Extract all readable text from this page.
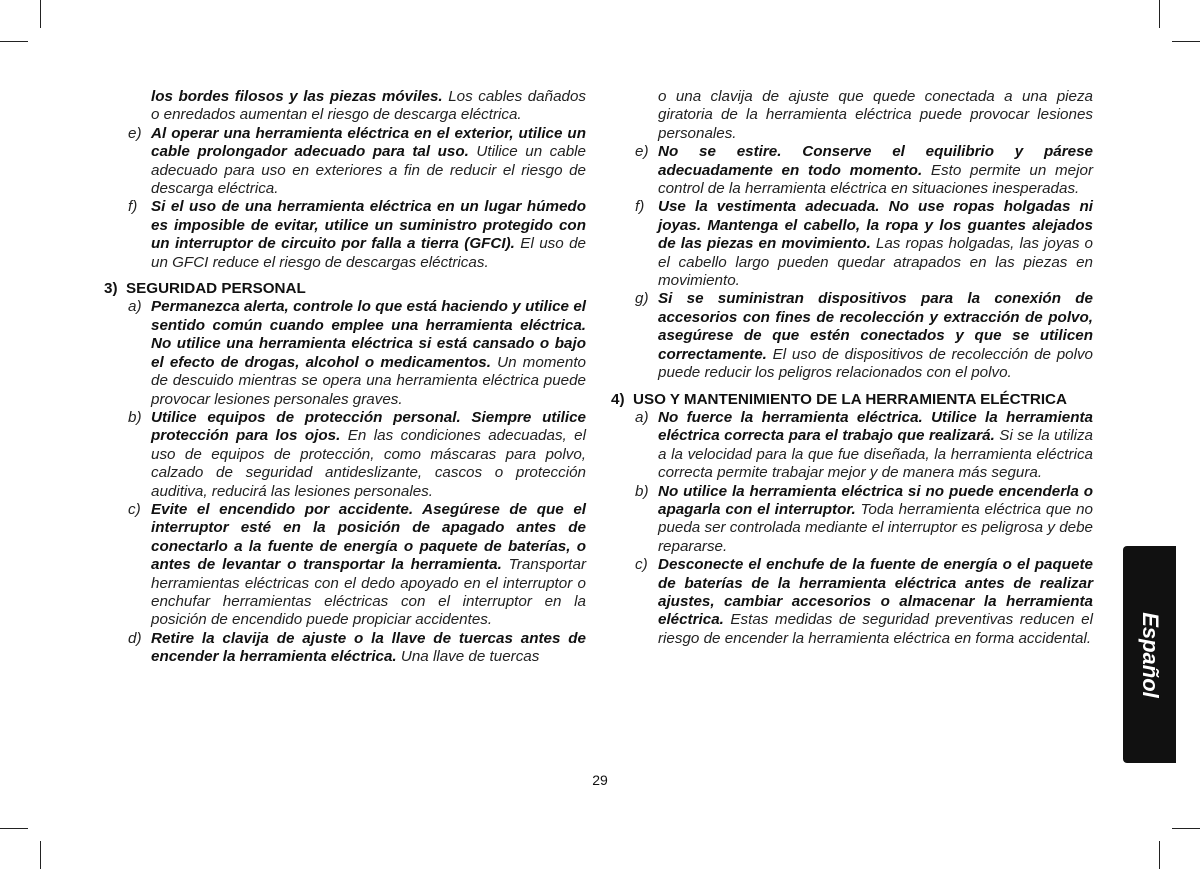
los bordes filosos y las piezas móviles. Los cables dañados o enredados aumentan el riesgo de descarga eléctrica.

e) Al operar una herramienta eléctrica en el exterior, utilice un cable prolongador adecuado para tal uso. Utilice un cable adecuado para uso en exteriores a fin de reducir el riesgo de descarga eléctrica.

f) Si el uso de una herramienta eléctrica en un lugar húmedo es imposible de evitar, utilice un suministro protegido con un interruptor de circuito por falla a tierra (GFCI). El uso de un GFCI reduce el riesgo de descargas eléctricas.

3) SEGURIDAD PERSONAL

a) Permanezca alerta, controle lo que está haciendo y utilice el sentido común cuando emplee una herramienta eléctrica. No utilice una herramienta eléctrica si está cansado o bajo el efecto de drogas, alcohol o medicamentos. Un momento de descuido mientras se opera una herramienta eléctrica puede provocar lesiones personales graves.

b) Utilice equipos de protección personal. Siempre utilice protección para los ojos. En las condiciones adecuadas, el uso de equipos de protección, como máscaras para polvo, calzado de seguridad antideslizante, cascos o protección auditiva, reducirá las lesiones personales.

c) Evite el encendido por accidente. Asegúrese de que el interruptor esté en la posición de apagado antes de conectarlo a la fuente de energía o paquete de baterías, o antes de levantar o transportar la herramienta. Transportar herramientas eléctricas con el dedo apoyado en el interruptor o enchufar herramientas eléctricas con el interruptor en la posición de encendido puede propiciar accidentes.

d) Retire la clavija de ajuste o la llave de tuercas antes de encender la herramienta eléctrica. Una llave de tuercas

o una clavija de ajuste que quede conectada a una pieza giratoria de la herramienta eléctrica puede provocar lesiones personales.

e) No se estire. Conserve el equilibrio y párese adecuadamente en todo momento. Esto permite un mejor control de la herramienta eléctrica en situaciones inesperadas.

f) Use la vestimenta adecuada. No use ropas holgadas ni joyas. Mantenga el cabello, la ropa y los guantes alejados de las piezas en movimiento. Las ropas holgadas, las joyas o el cabello largo pueden quedar atrapados en las piezas en movimiento.

g) Si se suministran dispositivos para la conexión de accesorios con fines de recolección y extracción de polvo, asegúrese de que estén conectados y que se utilicen correctamente. El uso de dispositivos de recolección de polvo puede reducir los peligros relacionados con el polvo.

4) USO Y MANTENIMIENTO DE LA HERRAMIENTA ELÉCTRICA

a) No fuerce la herramienta eléctrica. Utilice la herramienta eléctrica correcta para el trabajo que realizará. Si se la utiliza a la velocidad para la que fue diseñada, la herramienta eléctrica correcta permite trabajar mejor y de manera más segura.

b) No utilice la herramienta eléctrica si no puede encenderla o apagarla con el interruptor. Toda herramienta eléctrica que no pueda ser controlada mediante el interruptor es peligrosa y debe repararse.

c) Desconecte el enchufe de la fuente de energía o el paquete de baterías de la herramienta eléctrica antes de realizar ajustes, cambiar accesorios o almacenar la herramienta eléctrica. Estas medidas de seguridad preventivas reducen el riesgo de encender la herramienta eléctrica en forma accidental.

29
Español
